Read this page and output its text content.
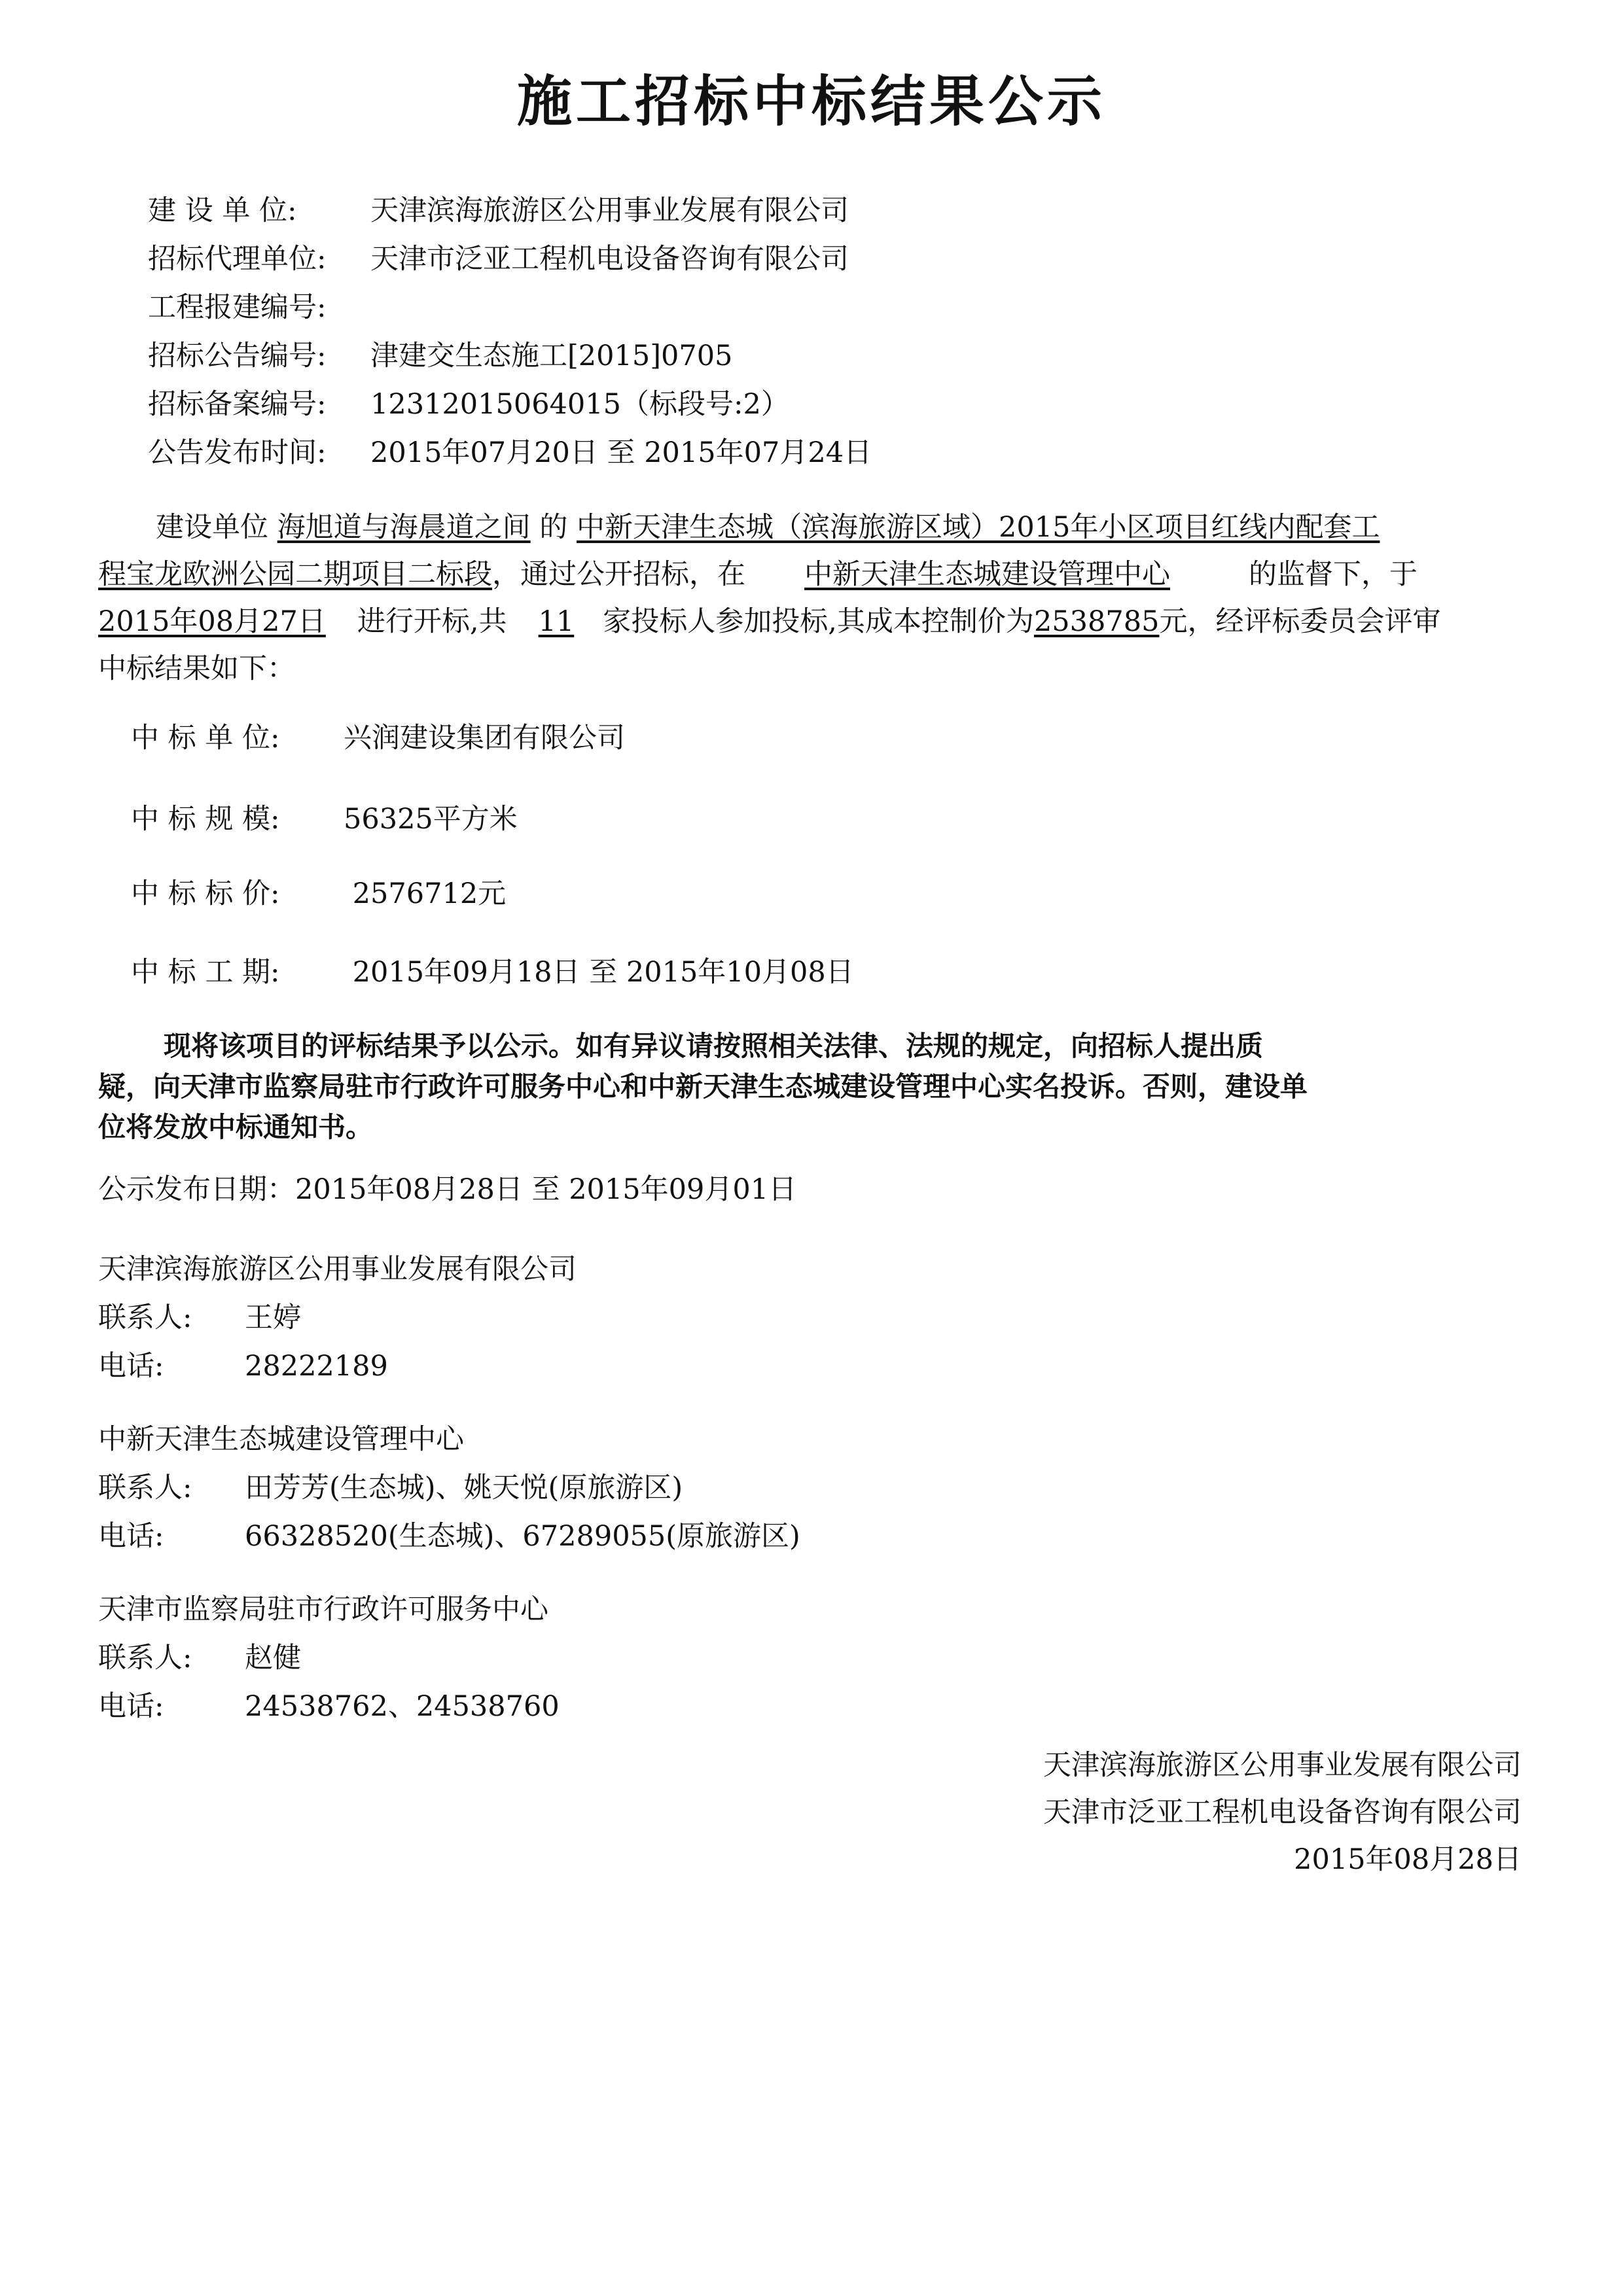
施工招标中标结果公示
建 设 单 位:	天津滨海旅游区公用事业发展有限公司
招标代理单位: 天津市泛亚工程机电设备咨询有限公司
工程报建编号:
招标公告编号: 津建交生态施工[2015]0705
招标备案编号: 12312015064015（标段号:2）
公告发布时间: 2015年07月20日 至 2015年07月24日
建设单位 海旭道与海晨道之间 的 中新天津生态城（滨海旅游区域）2015年小区项目红线内配套工
程宝龙欧洲公园二期项目二标段，通过公开招标，在 中新天津生态城建设管理中心	的监督下，于
2015年08月27日 进行开标,共 11 家投标人参加投标,其成本控制价为2538785元，经评标委员会评审
中标结果如下：
中 标 单 位: 兴润建设集团有限公司
中 标 规 模: 56325平方米
中 标 标 价: 2576712元
中 标 工 期: 2015年09月18日 至 2015年10月08日
现将该项目的评标结果予以公示。如有异议请按照相关法律、法规的规定，向招标人提出质
疑，向天津市监察局驻市行政许可服务中心和中新天津生态城建设管理中心实名投诉。否则，建设单
位将发放中标通知书。
公示发布日期：2015年08月28日 至 2015年09月01日
天津滨海旅游区公用事业发展有限公司
联系人: 王婷
电话:	28222189
中新天津生态城建设管理中心
联系人: 田芳芳(生态城)、姚天悦(原旅游区)
电话:	66328520(生态城)、67289055(原旅游区)
天津市监察局驻市行政许可服务中心
联系人: 赵健
电话:	24538762、24538760
天津滨海旅游区公用事业发展有限公司
天津市泛亚工程机电设备咨询有限公司
2015年08月28日
